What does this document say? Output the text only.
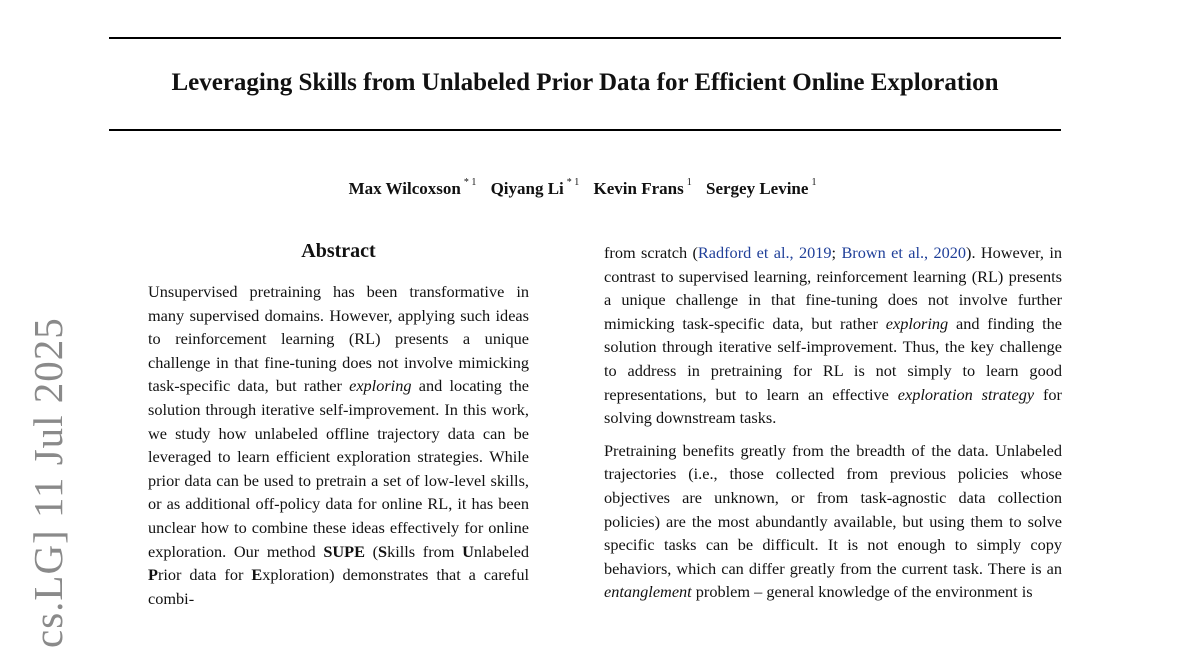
Leveraging Skills from Unlabeled Prior Data for Efficient Online Exploration
Max Wilcoxson $^{* 1}$ Qiyang Li $^{* 1}$ Kevin Frans $^1$ Sergey Levine $^1$
cs.LG] 11 Jul 2025
Abstract
Unsupervised pretraining has been transformative in many supervised domains. However, applying such ideas to reinforcement learning (RL) presents a unique challenge in that fine-tuning does not involve mimicking task-specific data, but rather exploring and locating the solution through iterative self-improvement. In this work, we study how unlabeled offline trajectory data can be leveraged to learn efficient exploration strategies. While prior data can be used to pretrain a set of low-level skills, or as additional off-policy data for online RL, it has been unclear how to combine these ideas effectively for online exploration. Our method SUPE (Skills from Unlabeled Prior data for Exploration) demonstrates that a careful combi-

from scratch (Radford et al., 2019; Brown et al., 2020). However, in contrast to supervised learning, reinforcement learning (RL) presents a unique challenge in that fine-tuning does not involve further mimicking task-specific data, but rather exploring and finding the solution through iterative self-improvement. Thus, the key challenge to address in pretraining for RL is not simply to learn good representations, but to learn an effective exploration strategy for solving downstream tasks.

Pretraining benefits greatly from the breadth of the data. Unlabeled trajectories (i.e., those collected from previous policies whose objectives are unknown, or from task-agnostic data collection policies) are the most abundantly available, but using them to solve specific tasks can be difficult. It is not enough to simply copy behaviors, which can differ greatly from the current task. There is an entanglement problem – general knowledge of the environment is
